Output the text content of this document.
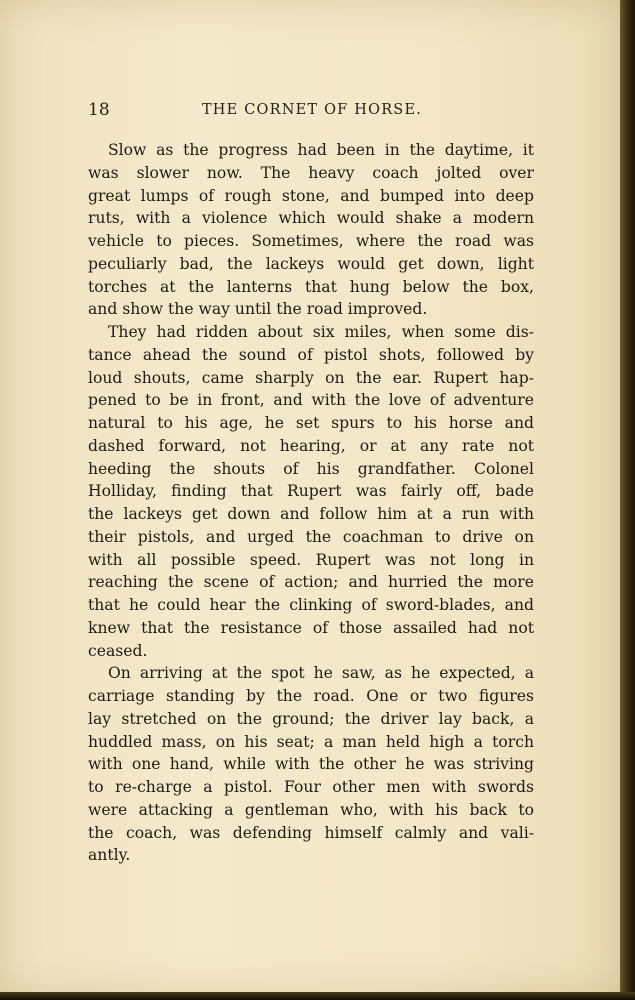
18	THE CORNET OF HORSE.
Slow as the progress had been in the daytime, it
was slower now. The heavy coach jolted over
great lumps of rough stone, and bumped into deep
ruts, with a violence which would shake a modern
vehicle to pieces. Sometimes, where the road was
peculiarly bad, the lackeys would get down, light
torches at the lanterns that hung below the box,
and show the way until the road improved.
They had ridden about six miles, when some dis-
tance ahead the sound of pistol shots, followed by
loud shouts, came sharply on the ear. Rupert hap-
pened to be in front, and with the love of adventure
natural to his age, he set spurs to his horse and
dashed forward, not hearing, or at any rate not
heeding the shouts of his grandfather. Colonel
Holliday, finding that Rupert was fairly off, bade
the lackeys get down and follow him at a run with
their pistols, and urged the coachman to drive on
with all possible speed. Rupert was not long in
reaching the scene of action; and hurried the more
that he could hear the clinking of sword-blades, and
knew that the resistance of those assailed had not
ceased.
On arriving at the spot he saw, as he expected, a
carriage standing by the road. One or two figures
lay stretched on the ground; the driver lay back, a
huddled mass, on his seat; a man held high a torch
with one hand, while with the other he was striving
to re-charge a pistol. Four other men with swords
were attacking a gentleman who, with his back to
the coach, was defending himself calmly and vali-
antly.
